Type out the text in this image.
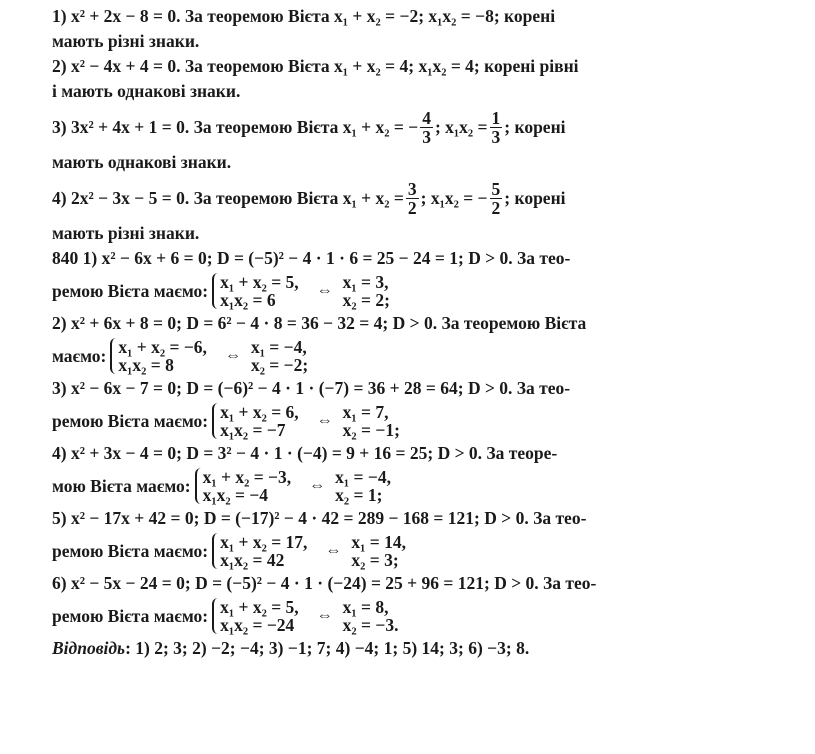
1) x² + 2x − 8 = 0. За теоремою Вієта x₁ + x₂ = −2; x₁x₂ = −8; корені
мають різні знаки.
2) x² − 4x + 4 = 0. За теоремою Вієта x₁ + x₂ = 4; x₁x₂ = 4; корені рівні
і мають однакові знаки.
3) 3x² + 4x + 1 = 0. За теоремою Вієта x₁ + x₂ = − $\frac{4}{3}$ ; $x_1x_2 = \frac{1}{3}$ ; корені
мають однакові знаки.
4) 2x² − 3x − 5 = 0. За теоремою Вієта $x_1 + x_2 = \frac{3}{2}$ ; x₁x₂ = − $\frac{5}{2}$ ; корені
мають різні знаки.
840 1) x² − 6x + 6 = 0; D = (−5)² − 4 · 1 · 6 = 25 − 24 = 1; D > 0. За тео-
ремою Вієта маємо: x₁ + x₂ = 5,
x₁x₂ = 6	⇔ x₁ = 3,
x₂ = 2;
2) x² + 6x + 8 = 0; D = 6² − 4 · 8 = 36 − 32 = 4; D > 0. За теоремою Вієта
маємо: x₁ + x₂ = −6,
x₁x₂ = 8	⇔ x₁ = −4,
x₂ = −2;
3) x² − 6x − 7 = 0; D = (−6)² − 4 · 1 · (−7) = 36 + 28 = 64; D > 0. За тео-
ремою Вієта маємо: x₁ + x₂ = 6,
x₁x₂ = −7	⇔ x₁ = 7,
x₂ = −1;
4) x² + 3x − 4 = 0; D = 3² − 4 · 1 · (−4) = 9 + 16 = 25; D > 0. За теоре-
мою Вієта маємо: x₁ + x₂ = −3,
x₁x₂ = −4	⇔ x₁ = −4,
x₂ = 1;
5) x² − 17x + 42 = 0; D = (−17)² − 4 · 42 = 289 − 168 = 121; D > 0. За тео-
ремою Вієта маємо: x₁ + x₂ = 17,
x₁x₂ = 42	⇔ x₁ = 14,
x₂ = 3;
6) x² − 5x − 24 = 0; D = (−5)² − 4 · 1 · (−24) = 25 + 96 = 121; D > 0. За тео-
ремою Вієта маємо: x₁ + x₂ = 5,
x₁x₂ = −24	⇔ x₁ = 8,
x₂ = −3.
Відповідь: 1) 2; 3; 2) −2; −4; 3) −1; 7; 4) −4; 1; 5) 14; 3; 6) −3; 8.
